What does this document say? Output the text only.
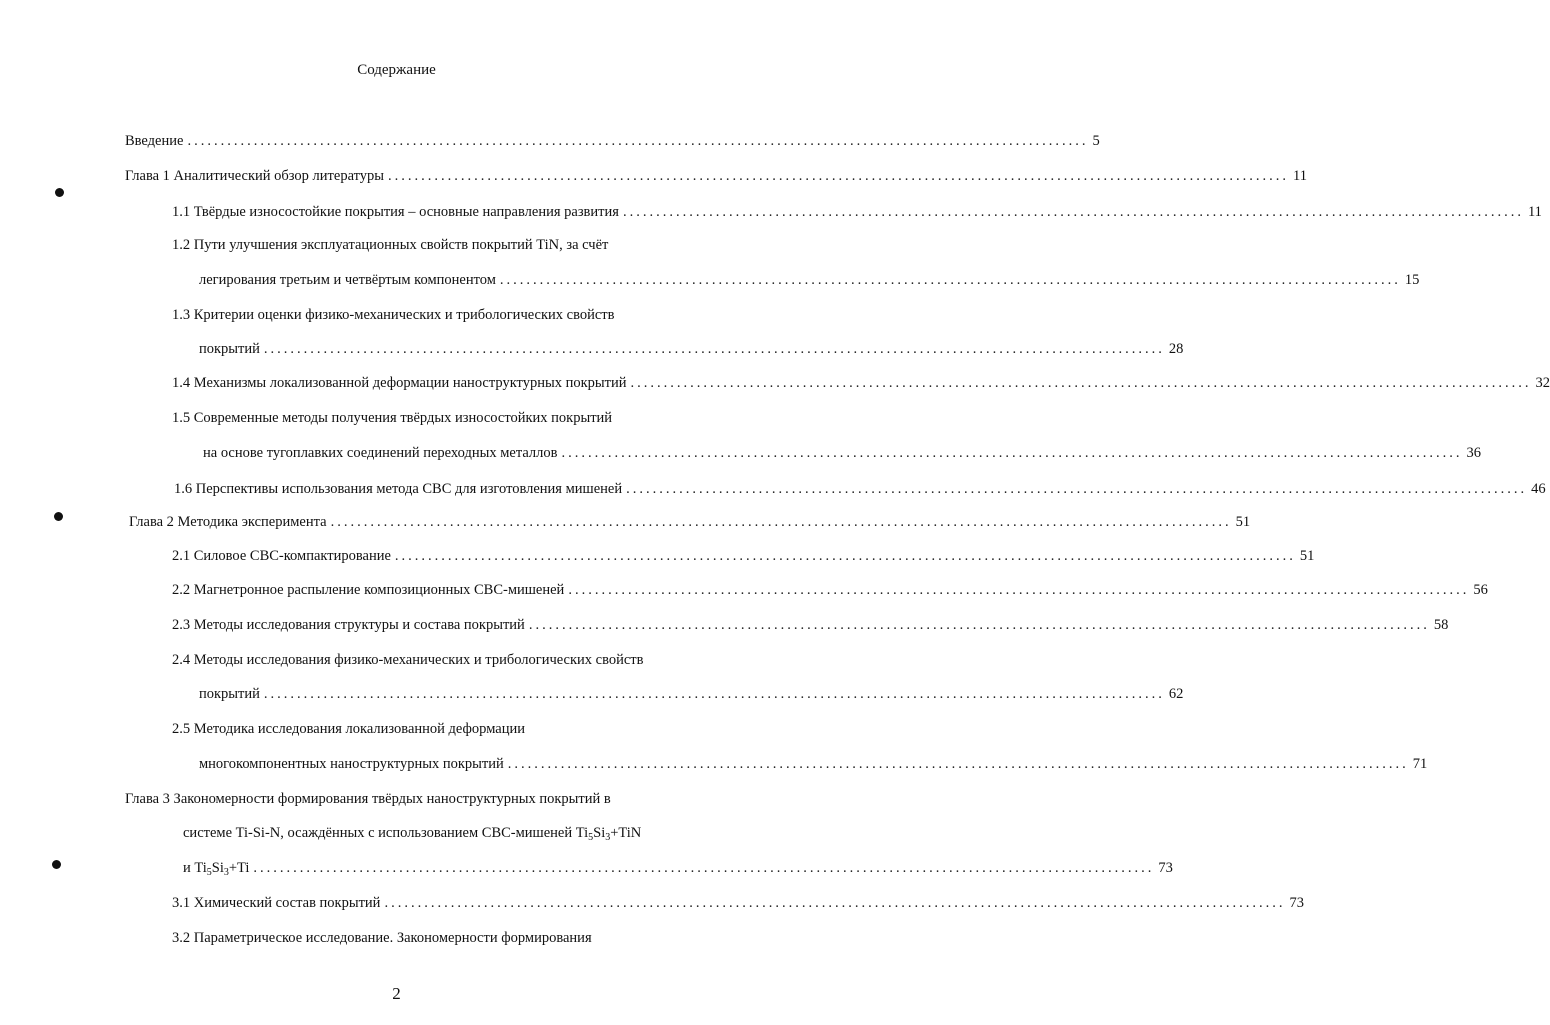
Содержание
Введение ........................................................................................................................................ 5
Глава 1 Аналитический обзор литературы ........................................................................................................................................ 11
1.1 Твёрдые износостойкие покрытия – основные направления развития ........................................................................................................................................ 11
1.2 Пути улучшения эксплуатационных свойств покрытий TiN, за счёт
легирования третьим и четвёртым компонентом ........................................................................................................................................ 15
1.3 Критерии оценки физико-механических и трибологических свойств
покрытий ........................................................................................................................................ 28
1.4 Механизмы локализованной деформации наноструктурных покрытий ........................................................................................................................................ 32
1.5 Современные методы получения твёрдых износостойких покрытий
на основе тугоплавких соединений переходных металлов ........................................................................................................................................ 36
1.6 Перспективы использования метода СВС для изготовления мишеней ........................................................................................................................................ 46
Глава 2 Методика эксперимента ........................................................................................................................................ 51
2.1 Силовое СВС-компактирование ........................................................................................................................................ 51
2.2 Магнетронное распыление композиционных СВС-мишеней ........................................................................................................................................ 56
2.3 Методы исследования структуры и состава покрытий ........................................................................................................................................ 58
2.4 Методы исследования физико-механических и трибологических свойств
покрытий ........................................................................................................................................ 62
2.5 Методика исследования локализованной деформации
многокомпонентных наноструктурных покрытий ........................................................................................................................................ 71
Глава 3 Закономерности формирования твёрдых наноструктурных покрытий в
системе Ti-Si-N, осаждённых с использованием СВС-мишеней $Ti_5Si_3+TiN$
и $Ti_5Si_3+Ti$ ........................................................................................................................................ 73
3.1 Химический состав покрытий ........................................................................................................................................ 73
3.2 Параметрическое исследование. Закономерности формирования
2
